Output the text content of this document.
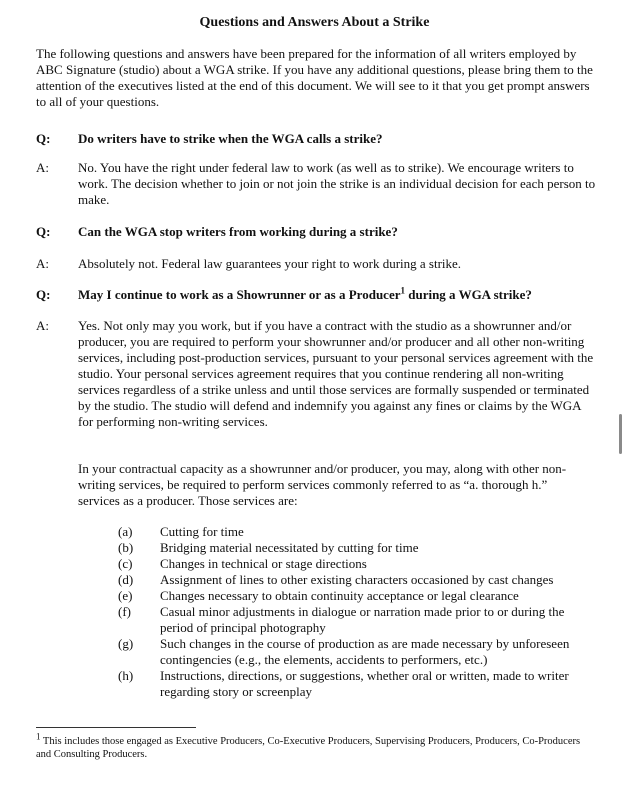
Questions and Answers About a Strike
The following questions and answers have been prepared for the information of all writers employed by ABC Signature (studio) about a WGA strike. If you have any additional questions, please bring them to the attention of the executives listed at the end of this document. We will see to it that you get prompt answers to all of your questions.
Q: Do writers have to strike when the WGA calls a strike?
A: No. You have the right under federal law to work (as well as to strike). We encourage writers to work. The decision whether to join or not join the strike is an individual decision for each person to make.
Q: Can the WGA stop writers from working during a strike?
A: Absolutely not. Federal law guarantees your right to work during a strike.
Q: May I continue to work as a Showrunner or as a Producer$^1$ during a WGA strike?
A: Yes. Not only may you work, but if you have a contract with the studio as a showrunner and/or producer, you are required to perform your showrunner and/or producer and all other non-writing services, including post-production services, pursuant to your personal services agreement with the studio. Your personal services agreement requires that you continue rendering all non-writing services regardless of a strike unless and until those services are formally suspended or terminated by the studio. The studio will defend and indemnify you against any fines or claims by the WGA for performing non-writing services.
In your contractual capacity as a showrunner and/or producer, you may, along with other non-writing services, be required to perform services commonly referred to as “a. thorough h.” services as a producer. Those services are:
(a)	Cutting for time
(b)	Bridging material necessitated by cutting for time
(c)	Changes in technical or stage directions
(d)	Assignment of lines to other existing characters occasioned by cast changes
(e)	Changes necessary to obtain continuity acceptance or legal clearance
(f)	Casual minor adjustments in dialogue or narration made prior to or during the period of principal photography
(g)	Such changes in the course of production as are made necessary by unforeseen contingencies (e.g., the elements, accidents to performers, etc.)
(h)	Instructions, directions, or suggestions, whether oral or written, made to writer regarding story or screenplay
$^1$ This includes those engaged as Executive Producers, Co-Executive Producers, Supervising Producers, Producers, Co-Producers and Consulting Producers.
